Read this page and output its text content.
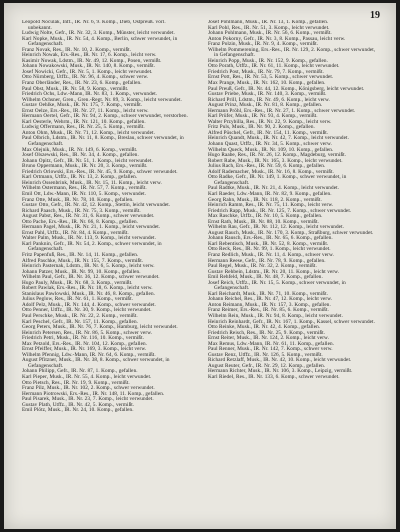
19

Leopold Noculak, Inft., IR. Nr. 6, 9. Komp., Dieb, Ostpreuß. vorl. unbekannt.

Ludwig Nolte, Gefr., IR. Nr. 32, 3. Komp., Münster, leicht verwundet.

Karl Nopke, Musk., IR. Nr. 54, 4. Komp., Berlin, schwer verwundet, in Gefangenschaft.

Franz Novak, Res., IR. Nr. 10, 2. Komp., vermißt.

Heinrich Nowak, Ers.-Res., IR. Nr. 17, 6. Komp., leicht verw.

Kasimir Nowak, Ldstm., IR. Nr. 49, 12. Komp., Posen, vermißt.

Johann Nowakowski, Musk., IR. Nr. 140, 8. Komp., vermißt.

Josef Nowicki, Gefr., IR. Nr. 5, 1. Komp., leicht verwundet.

Otto Nürnberg, Utffz., IR. Nr. 96, 4. Komp., schwer verw.

Franz Oberländer, Res., IR. Nr. 23, 6. Komp., gefallen.

Paul Obst, Musk., IR. Nr. 58, 9. Komp., vermißt.

Friedrich Ochs, Ldw.-Mann, IR. Nr. 83, 1. Komp., verwundet.

Wilhelm Ochsner, Gren., Gren.-Regt. Nr. 89, 3. Komp., leicht verwundet.

Gustav Oehlke, Musk., IR. Nr. 175, 7. Komp., vermißt.

Ernst Oelze, Ers.-Res., IR. Nr. 27, 11. Komp., leicht verw.

Hermann Oertel, Gefr., IR. Nr. 94, 2. Komp., schwer verwundet, verstorben.

Karl Oesterle, Wehrm., IR. Nr. 121, 10. Komp., gefallen.

Ludwig Offermann, Res., IR. Nr. 25, 5. Komp., vermißt.

Anton Ohm, Musk., IR. Nr. 71, 12. Komp., leicht verwundet.

Paul Olbrich, Ldstm., IR. Nr. 11, 8. Komp., Breslau, schwer verwundet, in Gefangenschaft.

Max Olejnik, Musk., IR. Nr. 149, 6. Komp., vermißt.

Josef Olszewski, Res., IR. Nr. 34, 4. Komp., gefallen.

Johann Opitz, Gefr., IR. Nr. 51, 1. Komp., leicht verwundet.

Bruno Oppermann, Musk., IR. Nr. 20, 3. Komp., vermißt.

Friedrich Orlowski, Ers.-Res., IR. Nr. 45, 9. Komp., schwer verwundet.

Karl Ortmann, Utffz., IR. Nr. 13, 2. Komp., gefallen.

Heinrich Ossenbrink, Musk., IR. Nr. 15, 11. Komp., leicht verw.

Wilhelm Ostermann, Res., IR. Nr. 57, 7. Komp., vermißt.

Emil Ott, Ldw.-Mann, IR. Nr. 110, 5. Komp., verwundet.

Franz Otte, Musk., IR. Nr. 78, 10. Komp., gefallen.

Gustav Otto, Gefr., IR. Nr. 42, 12. Komp., Stettin, leicht verwundet.

Richard Paasch, Musk., IR. Nr. 75, 3. Komp., vermißt.

August Pabst, Res., IR. Nr. 31, 6. Komp., schwer verwundet.

Otto Pache, Ers.-Res., IR. Nr. 66, 8. Komp., gefallen.

Hermann Pagel, Musk., IR. Nr. 21, 1. Komp., leicht verwundet.

Ernst Pahl, Utffz., IR. Nr. 84, 4. Komp., vermißt.

Walter Palm, Musk., IR. Nr. 113, 9. Komp., leicht verwundet.

Karl Panknin, Gefr., IR. Nr. 54, 2. Komp., schwer verwundet, in Gefangenschaft.

Fritz Papenfuß, Res., IR. Nr. 14, 11. Komp., gefallen.

Alfred Paschke, Musk., IR. Nr. 155, 7. Komp., vermißt.

Heinrich Pasternak, Ldstm., IR. Nr. 6, 5. Komp., leicht verw.

Johann Patzer, Musk., IR. Nr. 99, 10. Komp., gefallen.

Wilhelm Paul, Gefr., IR. Nr. 36, 12. Komp., schwer verwundet.

Hugo Pauly, Musk., IR. Nr. 68, 3. Komp., vermißt.

Robert Pawlak, Ers.-Res., IR. Nr. 18, 6. Komp., leicht verw.

Stanislaus Pawlowski, Musk., IR. Nr. 46, 8. Komp., gefallen.

Julius Peglow, Res., IR. Nr. 61, 1. Komp., vermißt.

Adolf Pelz, Musk., IR. Nr. 144, 4. Komp., schwer verwundet.

Otto Penner, Utffz., IR. Nr. 30, 9. Komp., leicht verwundet.

Paul Perschke, Musk., IR. Nr. 22, 2. Komp., vermißt.

Karl Peschel, Gefr., IR. Nr. 157, 11. Komp., gefallen.

Georg Peters, Musk., IR. Nr. 76, 7. Komp., Hamburg, leicht verwundet.

Heinrich Petersen, Res., IR. Nr. 86, 5. Komp., schwer verw.

Friedrich Petri, Musk., IR. Nr. 116, 10. Komp., vermißt.

Max Petzold, Ers.-Res., IR. Nr. 104, 12. Komp., gefallen.

Ernst Pfeiffer, Musk., IR. Nr. 169, 3. Komp., leicht verw.

Wilhelm Pfennig, Ldw.-Mann, IR. Nr. 64, 6. Komp., vermißt.

August Pfitzner, Musk., IR. Nr. 38, 8. Komp., schwer verwundet, in Gefangenschaft.

Johann Philipp, Gefr., IR. Nr. 87, 1. Komp., gefallen.

Karl Pieper, Musk., IR. Nr. 55, 4. Komp., leicht verwundet.

Otto Pietsch, Res., IR. Nr. 19, 9. Komp., vermißt.

Franz Pilz, Musk., IR. Nr. 102, 2. Komp., schwer verwundet.

Hermann Piotrowski, Ers.-Res., IR. Nr. 148, 11. Komp., gefallen.

Paul Pisarek, Musk., IR. Nr. 23, 7. Komp., leicht verwundet.

Gustav Plath, Utffz., IR. Nr. 42, 5. Komp., vermißt.

Emil Plötz, Musk., IR. Nr. 24, 10. Komp., gefallen.

Josef Pöhlmann, Musk., IR. Nr. 13, 1. Komp., gefallen.

Karl Pohl, Res., IR. Nr. 51, 3. Komp., leicht verwundet.

Johann Pohlmann, Musk., IR. Nr. 56, 6. Komp., vermißt.

Anton Pokorny, Gefr., IR. Nr. 3, 8. Komp., Passau, leicht verw.

Franz Polzin, Musk., IR. Nr. 9, 4. Komp., vermißt.

Wilhelm Pommerening, Ers.-Res., IR. Nr. 129, 2. Komp., schwer verwundet, in Gefangenschaft.

Heinrich Popp, Musk., IR. Nr. 152, 9. Komp., gefallen.

Otto Porath, Utffz., IR. Nr. 61, 11. Komp., leicht verwundet.

Friedrich Post, Musk., IR. Nr. 79, 7. Komp., vermißt.

Ernst Pott, Res., IR. Nr. 53, 5. Komp., schwer verwundet.

Max Prange, Musk., IR. Nr. 162, 10. Komp., gefallen.

Paul Preuß, Gefr., IR. Nr. 44, 12. Komp., Königsberg, leicht verwundet.

Gustav Priebe, Musk., IR. Nr. 140, 3. Komp., vermißt.

Richard Prill, Ldstm., IR. Nr. 49, 6. Komp., leicht verw.

August Prinz, Musk., IR. Nr. 81, 8. Komp., gefallen.

Hermann Pröhl, Ers.-Res., IR. Nr. 27, 1. Komp., schwer verwundet.

Karl Prüfer, Musk., IR. Nr. 93, 4. Komp., vermißt.

Walter Przybilla, Res., IR. Nr. 22, 9. Komp., leicht verw.

Fritz Puls, Musk., IR. Nr. 90, 2. Komp., gefallen.

Alfred Püschel, Gefr., IR. Nr. 154, 11. Komp., vermißt.

Heinrich Quandt, Musk., IR. Nr. 42, 7. Komp., leicht verwundet.

Johann Quast, Utffz., IR. Nr. 34, 5. Komp., schwer verw.

Wilhelm Queck, Musk., IR. Nr. 109, 10. Komp., gefallen.

Hugo Raabe, Res., IR. Nr. 26, 12. Komp., Magdeburg, vermißt.

Robert Rabe, Musk., IR. Nr. 165, 3. Komp., leicht verwundet.

Julius Rach, Ers.-Res., IR. Nr. 59, 6. Komp., gefallen.

Adolf Rademacher, Musk., IR. Nr. 16, 8. Komp., vermißt.

Otto Radke, Gefr., IR. Nr. 149, 1. Komp., schwer verwundet, in Gefangenschaft.

Paul Radtke, Musk., IR. Nr. 21, 4. Komp., leicht verwundet.

Karl Raeder, Ldw.-Mann, IR. Nr. 82, 9. Komp., gefallen.

Georg Rahn, Musk., IR. Nr. 118, 2. Komp., vermißt.

Heinrich Ramm, Res., IR. Nr. 75, 11. Komp., leicht verw.

Friedrich Rapp, Musk., IR. Nr. 125, 7. Komp., schwer verwundet.

Max Raschke, Utffz., IR. Nr. 10, 5. Komp., gefallen.

Ernst Rath, Musk., IR. Nr. 88, 10. Komp., vermißt.

Wilhelm Rau, Gefr., IR. Nr. 112, 12. Komp., leicht verwundet.

August Rauch, Musk., IR. Nr. 170, 3. Komp., Straßburg, schwer verwundet.

Johann Rausch, Ers.-Res., IR. Nr. 65, 6. Komp., gefallen.

Karl Rebentisch, Musk., IR. Nr. 52, 8. Komp., vermißt.

Otto Reck, Res., IR. Nr. 99, 1. Komp., leicht verwundet.

Franz Redlich, Musk., IR. Nr. 11, 4. Komp., schwer verw.

Hermann Reese, Gefr., IR. Nr. 78, 9. Komp., gefallen.

Paul Regel, Musk., IR. Nr. 32, 2. Komp., vermißt.

Gustav Rehbein, Ldstm., IR. Nr. 20, 11. Komp., leicht verw.

Emil Rehfeld, Musk., IR. Nr. 48, 7. Komp., gefallen.

Josef Reich, Utffz., IR. Nr. 15, 5. Komp., schwer verwundet, in Gefangenschaft.

Karl Reichardt, Musk., IR. Nr. 71, 10. Komp., vermißt.

Johann Reichel, Res., IR. Nr. 47, 12. Komp., leicht verw.

Anton Reimann, Musk., IR. Nr. 157, 3. Komp., gefallen.

Franz Reimer, Ers.-Res., IR. Nr. 85, 6. Komp., vermißt.

Wilhelm Rein, Musk., IR. Nr. 94, 8. Komp., leicht verwundet.

Heinrich Reinhardt, Gefr., IR. Nr. 167, 1. Komp., Kassel, schwer verwundet.

Otto Reinke, Musk., IR. Nr. 42, 4. Komp., gefallen.

Friedrich Reisch, Res., IR. Nr. 25, 9. Komp., vermißt.

Ernst Reiter, Musk., IR. Nr. 124, 2. Komp., leicht verw.

Max Remus, Ldw.-Mann, IR. Nr. 61, 11. Komp., gefallen.

Paul Renner, Musk., IR. Nr. 142, 7. Komp., schwer verw.

Gustav Renz, Utffz., IR. Nr. 126, 5. Komp., vermißt.

Richard Retzlaff, Musk., IR. Nr. 42, 10. Komp., leicht verwundet.

August Reuter, Gefr., IR. Nr. 29, 12. Komp., gefallen.

Hermann Richter, Musk., IR. Nr. 106, 3. Komp., Leipzig, vermißt.

Karl Riedel, Res., IR. Nr. 133, 6. Komp., schwer verwundet.
